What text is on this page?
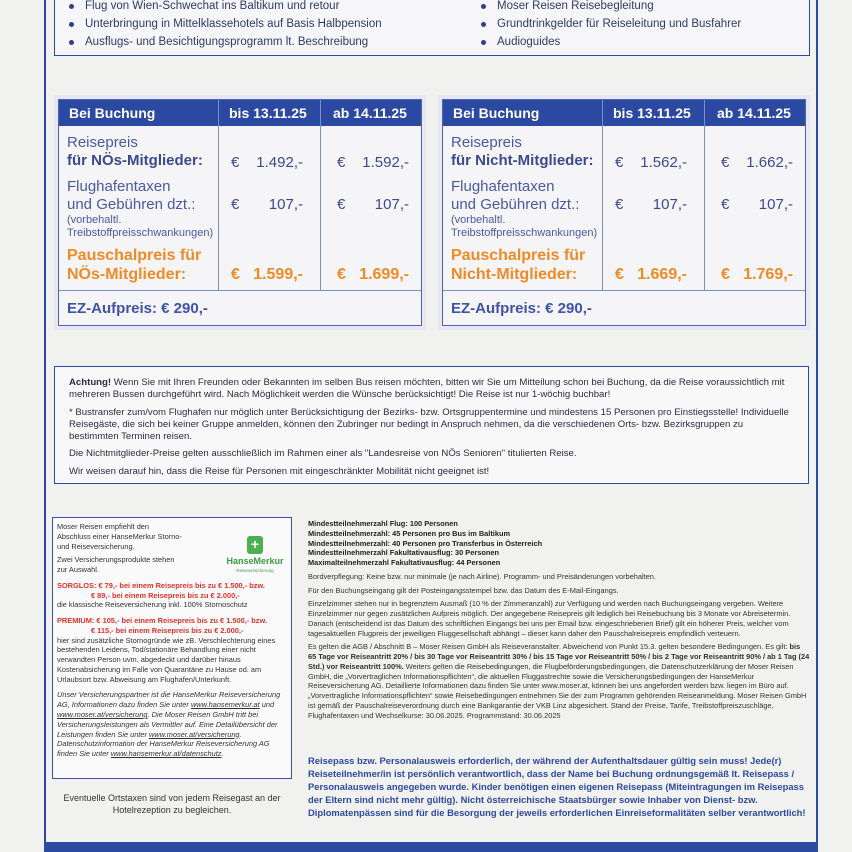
Flug von Wien-Schwechat ins Baltikum und retour
Unterbringung in Mittelklassehotels auf Basis Halbpension
Ausflugs- und Besichtigungsprogramm lt. Beschreibung
Moser Reisen Reisebegleitung
Grundtrinkgelder für Reiseleitung und Busfahrer
Audioguides
Bei Buchung	bis 13.11.25 ab 14.11.25
Reisepreis
für NÖs-Mitglieder: € 1.492,- € 1.592,-
Flughafentaxen
und Gebühren dzt.:
(vorbehaltl.
Treibstoffpreisschwankungen)
€ 107,- € 107,-
Pauschalpreis für
NÖs-Mitglieder:	€ 1.599,- € 1.699,-
EZ-Aufpreis: € 290,-
Bei Buchung	bis 13.11.25 ab 14.11.25
Reisepreis
für Nicht-Mitglieder: € 1.562,- € 1.662,-
Flughafentaxen
und Gebühren dzt.:
(vorbehaltl.
Treibstoffpreisschwankungen)
€ 107,- € 107,-
Pauschalpreis für
Nicht-Mitglieder:	€ 1.669,- € 1.769,-
EZ-Aufpreis: € 290,-

Achtung! Wenn Sie mit Ihren Freunden oder Bekannten im selben Bus reisen möchten, bitten wir Sie um Mitteilung schon bei Buchung, da die Reise voraussichtlich mit mehreren Bussen durchgeführt wird. Nach Möglichkeit werden die Wünsche berücksichtigt! Die Reise ist nur 1-wöchig buchbar!

* Bustransfer zum/vom Flughafen nur möglich unter Berücksichtigung der Bezirks- bzw. Ortsgruppentermine und mindestens 15 Personen pro Einstiegsstelle! Individuelle Reisegäste, die sich bei keiner Gruppe anmelden, können den Zubringer nur bedingt in Anspruch nehmen, da die verschiedenen Orts- bzw. Bezirksgruppen zu bestimmten Terminen reisen.

Die Nichtmitglieder-Preise gelten ausschließlich im Rahmen einer als "Landesreise von NÖs Senioren" titulierten Reise.

Wir weisen darauf hin, dass die Reise für Personen mit eingeschränkter Mobilität nicht geeignet ist!

+
HanseMerkur
Reiseversicherung
Moser Reisen empfiehlt den Abschluss einer HanseMerkur Storno- und Reiseversicherung.
Zwei Versicherungsprodukte stehen zur Auswahl.
SORGLOS: € 79,- bei einem Reisepreis bis zu € 1.500,- bzw.
€ 89,- bei einem Reisepreis bis zu € 2.000,-
die klassische Reiseversicherung inkl. 100% Stornoschutz
PREMIUM: € 105,- bei einem Reisepreis bis zu € 1.500,- bzw.
€ 115,- bei einem Reisepreis bis zu € 2.000,-
hier sind zusätzliche Stornogründe wie zB. Verschlechterung eines bestehenden Leidens, Tod/stationäre Behandlung einer nicht verwandten Person uvm. abgedeckt und darüber hinaus Kostenabsicherung im Falle von Quarantäne zu Hause od. am Urlaubsort bzw. Abweisung am Flughafen/Unterkunft.
Unser Versicherungspartner ist die HanseMerkur Reiseversicherung AG, Informationen dazu finden Sie unter www.hansemerkur.at und www.moser.at/versicherung. Die Moser Reisen GmbH tritt bei Versicherungsleistungen als Vermittler auf. Eine Detailübersicht der Leistungen finden Sie unter www.moser.at/versicherung. Datenschutzinformation der HanseMerkur Reiseversicherung AG finden Sie unter www.hansemerkur.at/datenschutz.
Eventuelle Ortstaxen sind von jedem Reisegast an der Hotelrezeption zu begleichen.

Mindestteilnehmerzahl Flug: 100 Personen
Mindestteilnehmerzahl: 45 Personen pro Bus im Baltikum
Mindestteilnehmerzahl: 40 Personen pro Transferbus in Österreich
Mindestteilnehmerzahl Fakultativausflug: 30 Personen
Maximalteilnehmerzahl Fakultativausflug: 44 Personen

Bordverpflegung: Keine bzw. nur minimale (je nach Airline). Programm- und Preisänderungen vorbehalten.

Für den Buchungseingang gilt der Posteingangsstempel bzw. das Datum des E-Mail-Eingangs.

Einzelzimmer stehen nur in begrenztem Ausmaß (10 % der Zimmeranzahl) zur Verfügung und werden nach Buchungseingang vergeben. Weitere Einzelzimmer nur gegen zusätzlichen Aufpreis möglich. Der angegebene Reisepreis gilt lediglich bei Reisebuchung bis 3 Monate vor Abreisetermin. Danach (entscheidend ist das Datum des schriftlichen Eingangs bei uns per Email bzw. eingeschriebenen Brief) gilt ein höherer Preis, welcher vom tagesaktuellen Flugpreis der jeweiligen Fluggesellschaft abhängt – dieser kann daher den Pauschalreisepreis empfindlich verteuern.

Es gelten die AGB / Abschnitt B – Moser Reisen GmbH als Reiseveranstalter. Abweichend von Punkt 15.3. gelten besondere Bedingungen. Es gilt: bis 65 Tage vor Reiseantritt 20% / bis 30 Tage vor Reiseantritt 30% / bis 15 Tage vor Reiseantritt 50% / bis 2 Tage vor Reiseantritt 90% / ab 1 Tag (24 Std.) vor Reiseantritt 100%. Weiters gelten die Reisebedingungen, die Flugbeförderungsbedingungen, die Datenschutzerklärung der Moser Reisen GmbH, die „Vorvertraglichen Informationspflichten“, die aktuellen Fluggastrechte sowie die Versicherungsbedingungen der HanseMerkur Reiseversicherung AG. Detaillierte Informationen dazu finden Sie unter www.moser.at, können bei uns angefordert werden bzw. liegen im Büro auf. „Vorvertragliche Informationspflichten“ sowie Reisebedingungen entnehmen Sie der zum Programm gehörenden Reiseanmeldung. Moser Reisen GmbH ist gemäß der Pauschalreiseverordnung durch eine Bankgarantie der VKB Linz abgesichert. Stand der Preise, Tarife, Treibstoffpreiszuschläge, Flughafentaxen und Wechselkurse: 30.06.2025. Programmstand: 30.06.2025

Reisepass bzw. Personalausweis erforderlich, der während der Aufenthaltsdauer gültig sein muss! Jede(r) Reiseteilnehmer/in ist persönlich verantwortlich, dass der Name bei Buchung ordnungsgemäß lt. Reisepass / Personalausweis angegeben wurde. Kinder benötigen einen eigenen Reisepass (Miteintragungen im Reisepass der Eltern sind nicht mehr gültig). Nicht österreichische Staatsbürger sowie Inhaber von Dienst- bzw. Diplomatenpässen sind für die Besorgung der jeweils erforderlichen Einreiseformalitäten selber verantwortlich!
